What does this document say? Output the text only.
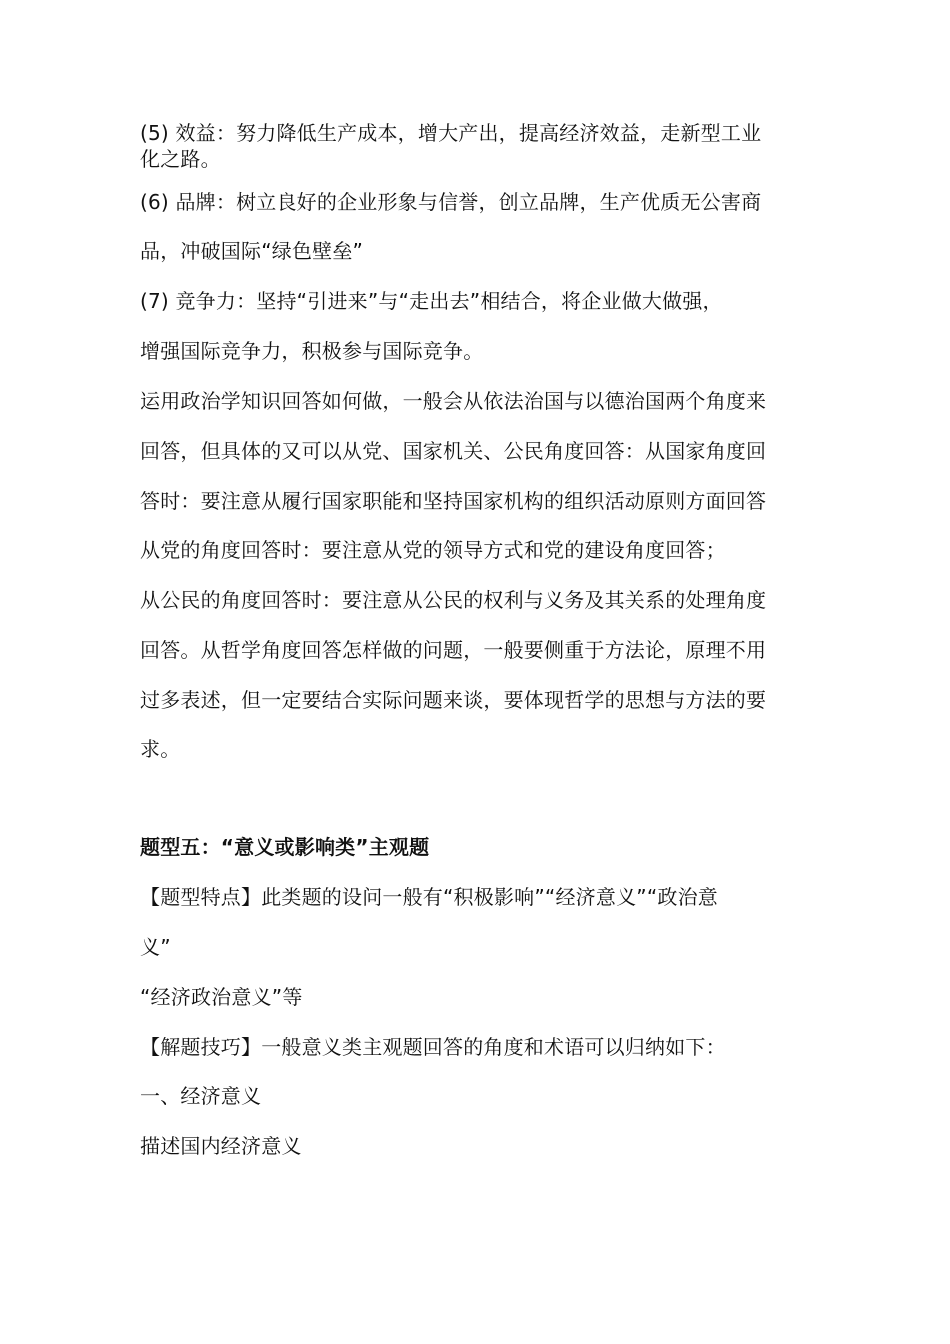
(5) 效益：努力降低生产成本，增大产出，提高经济效益，走新型工业
化之路。
(6) 品牌：树立良好的企业形象与信誉，创立品牌，生产优质无公害商
品，冲破国际“绿色壁垒”
(7) 竞争力：坚持“引进来”与“走出去”相结合，将企业做大做强，
增强国际竞争力，积极参与国际竞争。
运用政治学知识回答如何做，一般会从依法治国与以德治国两个角度来
回答，但具体的又可以从党、国家机关、公民角度回答：从国家角度回
答时：要注意从履行国家职能和坚持国家机构的组织活动原则方面回答
从党的角度回答时：要注意从党的领导方式和党的建设角度回答；
从公民的角度回答时：要注意从公民的权利与义务及其关系的处理角度
回答。从哲学角度回答怎样做的问题，一般要侧重于方法论，原理不用
过多表述，但一定要结合实际问题来谈，要体现哲学的思想与方法的要
求。
题型五：“意义或影响类”主观题
【题型特点】此类题的设问一般有“积极影响”“经济意义”“政治意
义”
“经济政治意义”等
【解题技巧】一般意义类主观题回答的角度和术语可以归纳如下：
一、经济意义
描述国内经济意义
